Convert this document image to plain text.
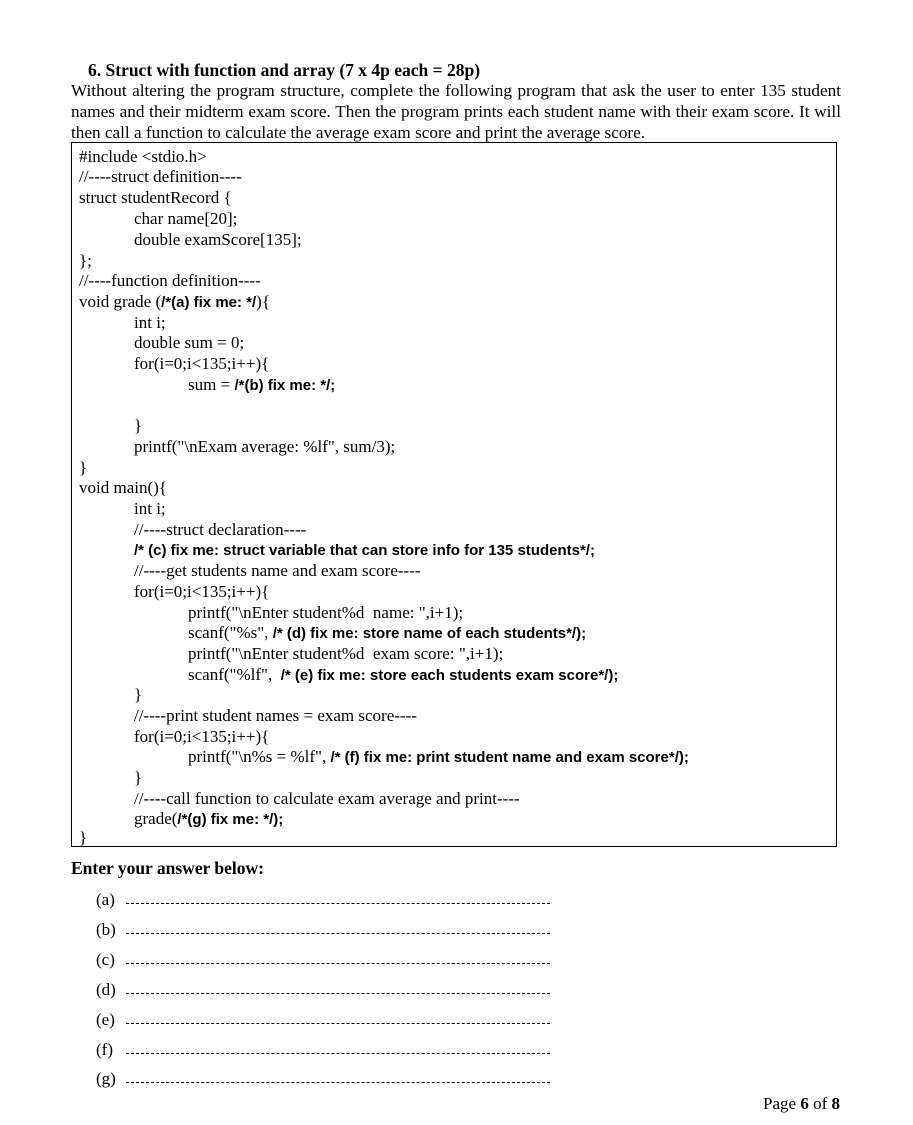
6. Struct with function and array (7 x 4p each = 28p)
Without altering the program structure, complete the following program that ask the user to enter 135 student names and their midterm exam score. Then the program prints each student name with their exam score. It will then call a function to calculate the average exam score and print the average score.
#include <stdio.h>
//----struct definition----
struct studentRecord {
char name[20];
double examScore[135];
};
//----function definition----
void grade (/*(a) fix me: */){
int i;
double sum = 0;
for(i=0;i<135;i++){
sum = /*(b) fix me: */;
}
printf("\nExam average: %lf", sum/3);
}
void main(){
int i;
//----struct declaration----
/* (c) fix me: struct variable that can store info for 135 students*/;
//----get students name and exam score----
for(i=0;i<135;i++){
printf("\nEnter student%d  name: ",i+1);
scanf("%s", /* (d) fix me: store name of each students*/);
printf("\nEnter student%d  exam score: ",i+1);
scanf("%lf",  /* (e) fix me: store each students exam score*/);
}
//----print student names = exam score----
for(i=0;i<135;i++){
printf("\n%s = %lf", /* (f) fix me: print student name and exam score*/);
}
//----call function to calculate exam average and print----
grade(/*(g) fix me: */);
}
Enter your answer below:
(a)
(b)
(c)
(d)
(e)
(f)
(g)
Page 6 of 8
